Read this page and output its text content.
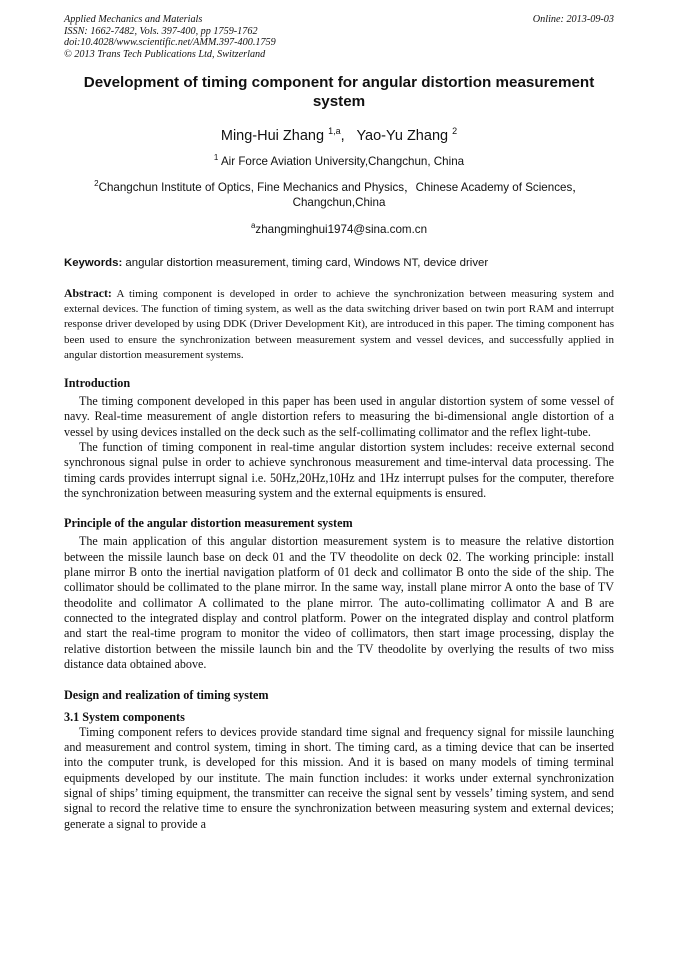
Applied Mechanics and Materials
ISSN: 1662-7482, Vols. 397-400, pp 1759-1762
doi:10.4028/www.scientific.net/AMM.397-400.1759
© 2013 Trans Tech Publications Ltd, Switzerland
Online: 2013-09-03
Development of timing component for angular distortion measurement system
Ming-Hui Zhang $^{1,a}$,   Yao-Yu Zhang $^2$
$^1$ Air Force Aviation University,Changchun, China
$^2$Changchun Institute of Optics, Fine Mechanics and Physics，Chinese Academy of Sciences，Changchun,China
$^a$zhangminghui1974@sina.com.cn
Keywords: angular distortion measurement, timing card, Windows NT, device driver
Abstract: A timing component is developed in order to achieve the synchronization between measuring system and external devices. The function of timing system, as well as the data switching driver based on twin port RAM and interrupt response driver developed by using DDK (Driver Development Kit), are introduced in this paper. The timing component has been used to ensure the synchronization between measurement system and vessel devices, and successfully applied in angular distortion measurement systems.
Introduction

The timing component developed in this paper has been used in angular distortion system of some vessel of navy. Real-time measurement of angle distortion refers to measuring the bi-dimensional angle distortion of a vessel by using devices installed on the deck such as the self-collimating collimator and the reflex light-tube.

The function of timing component in real-time angular distortion system includes: receive external second synchronous signal pulse in order to achieve synchronous measurement and time-interval data processing. The timing cards provides interrupt signal i.e. 50Hz,20Hz,10Hz and 1Hz interrupt pulses for the computer, therefore the synchronization between measuring system and the external equipments is ensured.

Principle of the angular distortion measurement system

The main application of this angular distortion measurement system is to measure the relative distortion between the missile launch base on deck 01 and the TV theodolite on deck 02. The working principle: install plane mirror B onto the inertial navigation platform of 01 deck and collimator B onto the side of the ship. The collimator should be collimated to the plane mirror. In the same way, install plane mirror A onto the base of TV theodolite and collimator A collimated to the plane mirror. The auto-collimating collimator A and B are connected to the integrated display and control platform. Power on the integrated display and control platform and start the real-time program to monitor the video of collimators, then start image processing, display the relative distortion between the missile launch bin and the TV theodolite by overlying the results of two miss distance data obtained above.

Design and realization of timing system
3.1 System components

Timing component refers to devices provide standard time signal and frequency signal for missile launching and measurement and control system, timing in short. The timing card, as a timing device that can be inserted into the computer trunk, is developed for this mission. And it is based on many models of timing terminal equipments developed by our institute. The main function includes: it works under external synchronization signal of ships’ timing equipment, the transmitter can receive the signal sent by vessels’ timing system, and send signal to record the relative time to ensure the synchronization between measuring system and external devices; generate a signal to provide a
